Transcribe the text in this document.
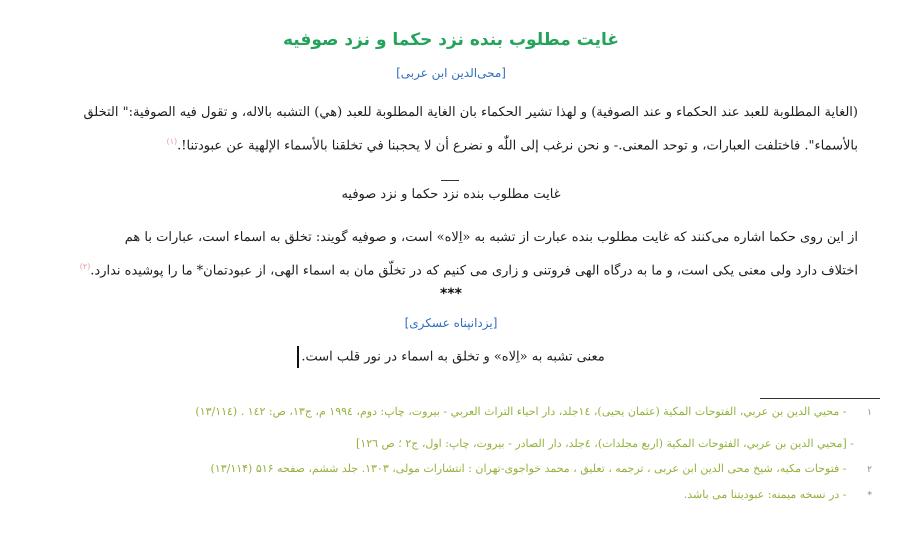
غایت مطلوب بنده نزد حکما و نزد صوفیه
[محی‌الدین ابن عربی]
(الغاية المطلوبة للعبد عند الحكماء و عند الصوفية) و لهذا تشير الحكماء بان الغاية المطلوبة للعبد (هي) التشبه بالاله، و تقول فيه الصوفية:" التخلق
بالأسماء". فاختلفت العبارات، و توحد المعنى.- و نحن نرغب إلى اللّٰه و نضرع أن لا يحجبنا في تخلقنا بالأسماء الإلهية عن عبودتنا!.$^{(۱)}$
غایت مطلوب بنده نزد حکما و نزد صوفیه
از این روی حکما اشاره می‌کنند که غایت مطلوب بنده عبارت از تشبه به «اِلاه» است، و صوفیه گویند: تخلق به اسماء است، عبارات با هم
اختلاف دارد ولی معنی یکی است، و ما به درگاه الهی فروتنی و زاری می کنیم که در تخلّق مان به اسماء الهی، از عبودتمان* ما را پوشیده ندارد.$^{(۲)}$
***
[یزدانپناه عسکری]
معنی تشبه به «اِلاه» و تخلق به اسماء در نور قلب است.
۱ - محيي الدين بن عربي، الفتوحات المكية (عثمان يحيى)، ١٤جلد، دار احياء التراث العربي - بيروت، چاپ: دوم، ١٩٩٤ م، ج١٣، ص: ١٤٢ . (١٣/١١٤)
- [محيي الدين بن عربي، الفتوحات المكية (اربع مجلدات)، ٤جلد، دار الصادر - بيروت، چاپ: اول، ج٢ ؛ ص ١٢٦]
۲ - فتوحات مکیه، شیخ محی الدین ابن عربی ، ترجمه ، تعلیق ، محمد خواجوی-تهران : انتشارات مولی، ۱۳۰۳. جلد ششم، صفحه ۵۱۶ (۱۳/۱۱۴)
* - در نسخه میمنه: عبودیتنا می باشد.
